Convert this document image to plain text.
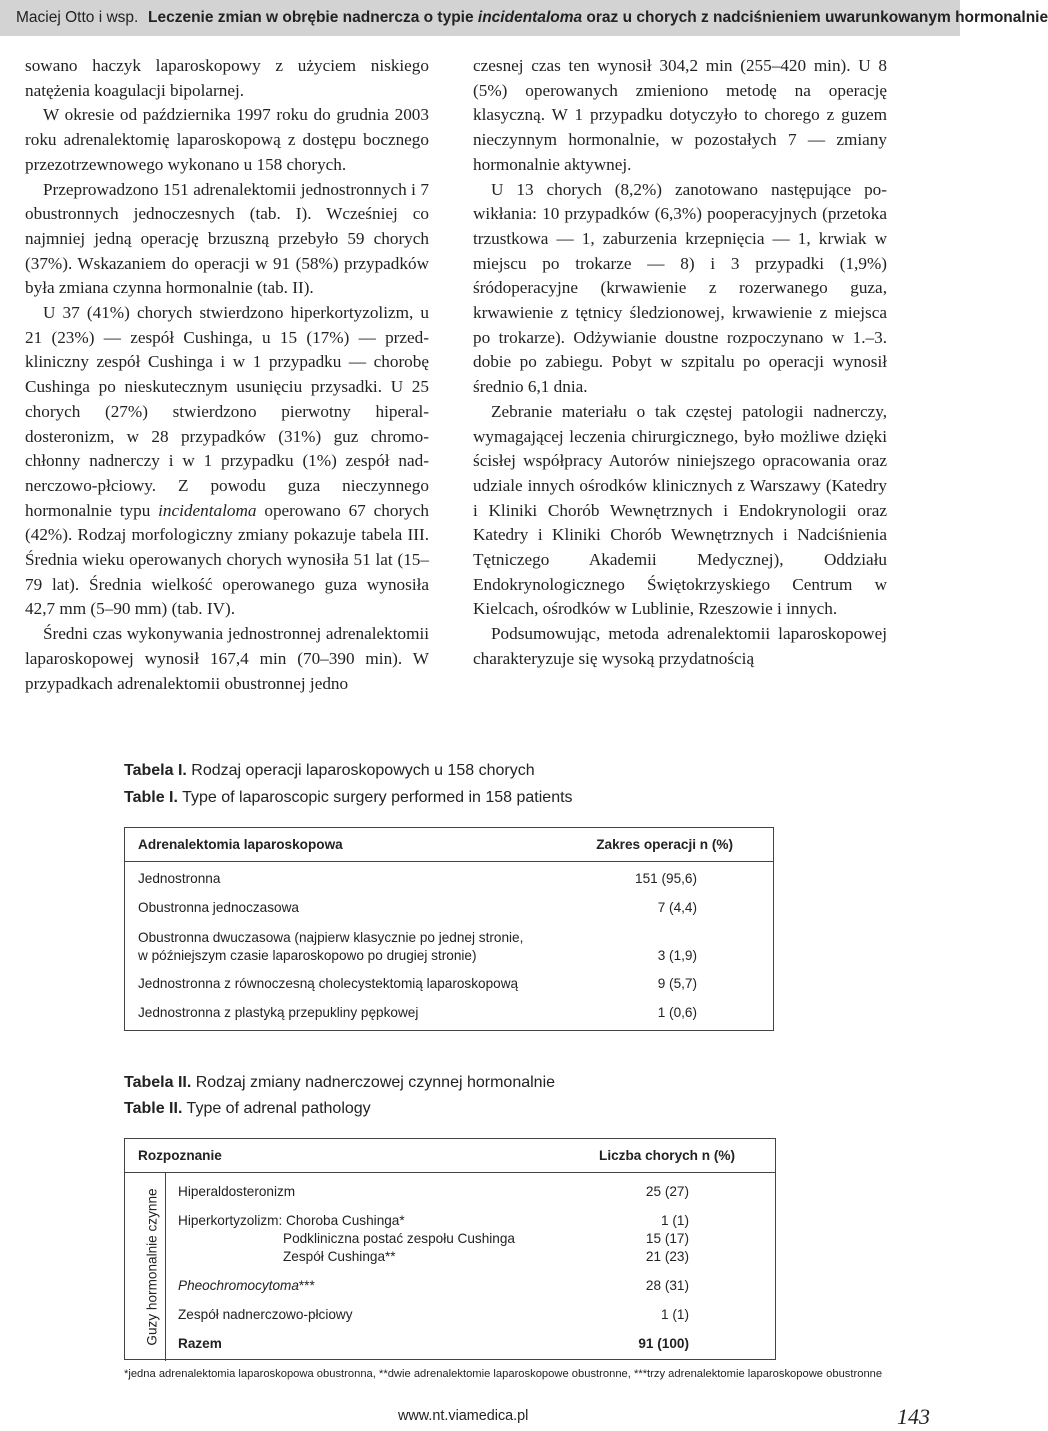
Maciej Otto i wsp. Leczenie zmian w obrębie nadnercza o typie incidentaloma oraz u chorych z nadciśnieniem uwarunkowanym hormonalnie

sowano haczyk laparoskopowy z użyciem niskiego natężenia koagulacji bipolarnej.

W okresie od października 1997 roku do grudnia 2003 roku adrenalektomię laparoskopową z dostępu bocznego przezotrzewnowego wykonano u 158 chorych.

Przeprowadzono 151 adrenalektomii jednostronnych i 7 obustronnych jednoczesnych (tab. I). Wcześniej co najmniej jedną operację brzuszną przebyło 59 chorych (37%). Wskazaniem do operacji w 91 (58%) przypadków była zmiana czynna hormonalnie (tab. II).

U 37 (41%) chorych stwierdzono hiperkortyzolizm, u 21 (23%) — zespół Cushinga, u 15 (17%) — przedkliniczny zespół Cushinga i w 1 przypadku — chorobę Cushinga po nieskutecznym usunięciu przysadki. U 25 chorych (27%) stwierdzono pierwotny hiperaldosteronizm, w 28 przypadków (31%) guz chromochłonny nadnerczy i w 1 przypadku (1%) zespół nadnerczowo-płciowy. Z powodu guza nieczynnego hormonalnie typu incidentaloma operowano 67 chorych (42%). Rodzaj morfologiczny zmiany pokazuje tabela III. Średnia wieku operowanych chorych wynosiła 51 lat (15–79 lat). Średnia wielkość operowanego guza wynosiła 42,7 mm (5–90 mm) (tab. IV).

Średni czas wykonywania jednostronnej adrenalektomii laparoskopowej wynosił 167,4 min (70–390 min). W przypadkach adrenalektomii obustronnej jedno

czesnej czas ten wynosił 304,2 min (255–420 min). U 8 (5%) operowanych zmieniono metodę na operację klasyczną. W 1 przypadku dotyczyło to chorego z guzem nieczynnym hormonalnie, w pozostałych 7 — zmiany hormonalnie aktywnej.

U 13 chorych (8,2%) zanotowano następujące powikłania: 10 przypadków (6,3%) pooperacyjnych (przetoka trzustkowa — 1, zaburzenia krzepnięcia — 1, krwiak w miejscu po trokarze — 8) i 3 przypadki (1,9%) śródoperacyjne (krwawienie z rozerwanego guza, krwawienie z tętnicy śledzionowej, krwawienie z miejsca po trokarze). Odżywianie doustne rozpoczynano w 1.–3. dobie po zabiegu. Pobyt w szpitalu po operacji wynosił średnio 6,1 dnia.

Zebranie materiału o tak częstej patologii nadnerczy, wymagającej leczenia chirurgicznego, było możliwe dzięki ścisłej współpracy Autorów niniejszego opracowania oraz udziale innych ośrodków klinicznych z Warszawy (Katedry i Kliniki Chorób Wewnętrznych i Endokrynologii oraz Katedry i Kliniki Chorób Wewnętrznych i Nadciśnienia Tętniczego Akademii Medycznej), Oddziału Endokrynologicznego Świętokrzyskiego Centrum w Kielcach, ośrodków w Lublinie, Rzeszowie i innych.

Podsumowując, metoda adrenalektomii laparoskopowej charakteryzuje się wysoką przydatnością

Tabela I. Rodzaj operacji laparoskopowych u 158 chorych
Table I. Type of laparoscopic surgery performed in 158 patients
Adrenalektomia laparoskopowa	Zakres operacji n (%)
Jednostronna	151 (95,6)
Obustronna jednoczasowa	7 (4,4)
Obustronna dwuczasowa (najpierw klasycznie po jednej stronie,
w późniejszym czasie laparoskopowo po drugiej stronie)	3 (1,9)
Jednostronna z równoczesną cholecystektomią laparoskopową	9 (5,7)
Jednostronna z plastyką przepukliny pępkowej	1 (0,6)
Tabela II. Rodzaj zmiany nadnerczowej czynnej hormonalnie
Table II. Type of adrenal pathology
Rozpoznanie	Liczba chorych n (%)
Guzy hormonalnie czynne Hiperaldosteronizm	25 (27)
Hiperkortyzolizm: Choroba Cushinga*	1 (1)
Podkliniczna postać zespołu Cushinga	15 (17)
Zespół Cushinga**	21 (23)
Pheochromocytoma***	28 (31)
Zespół nadnerczowo-płciowy	1 (1)
Razem	91 (100)
*jedna adrenalektomia laparoskopowa obustronna, **dwie adrenalektomie laparoskopowe obustronne, ***trzy adrenalektomie laparoskopowe obustronne
www.nt.viamedica.pl	143
